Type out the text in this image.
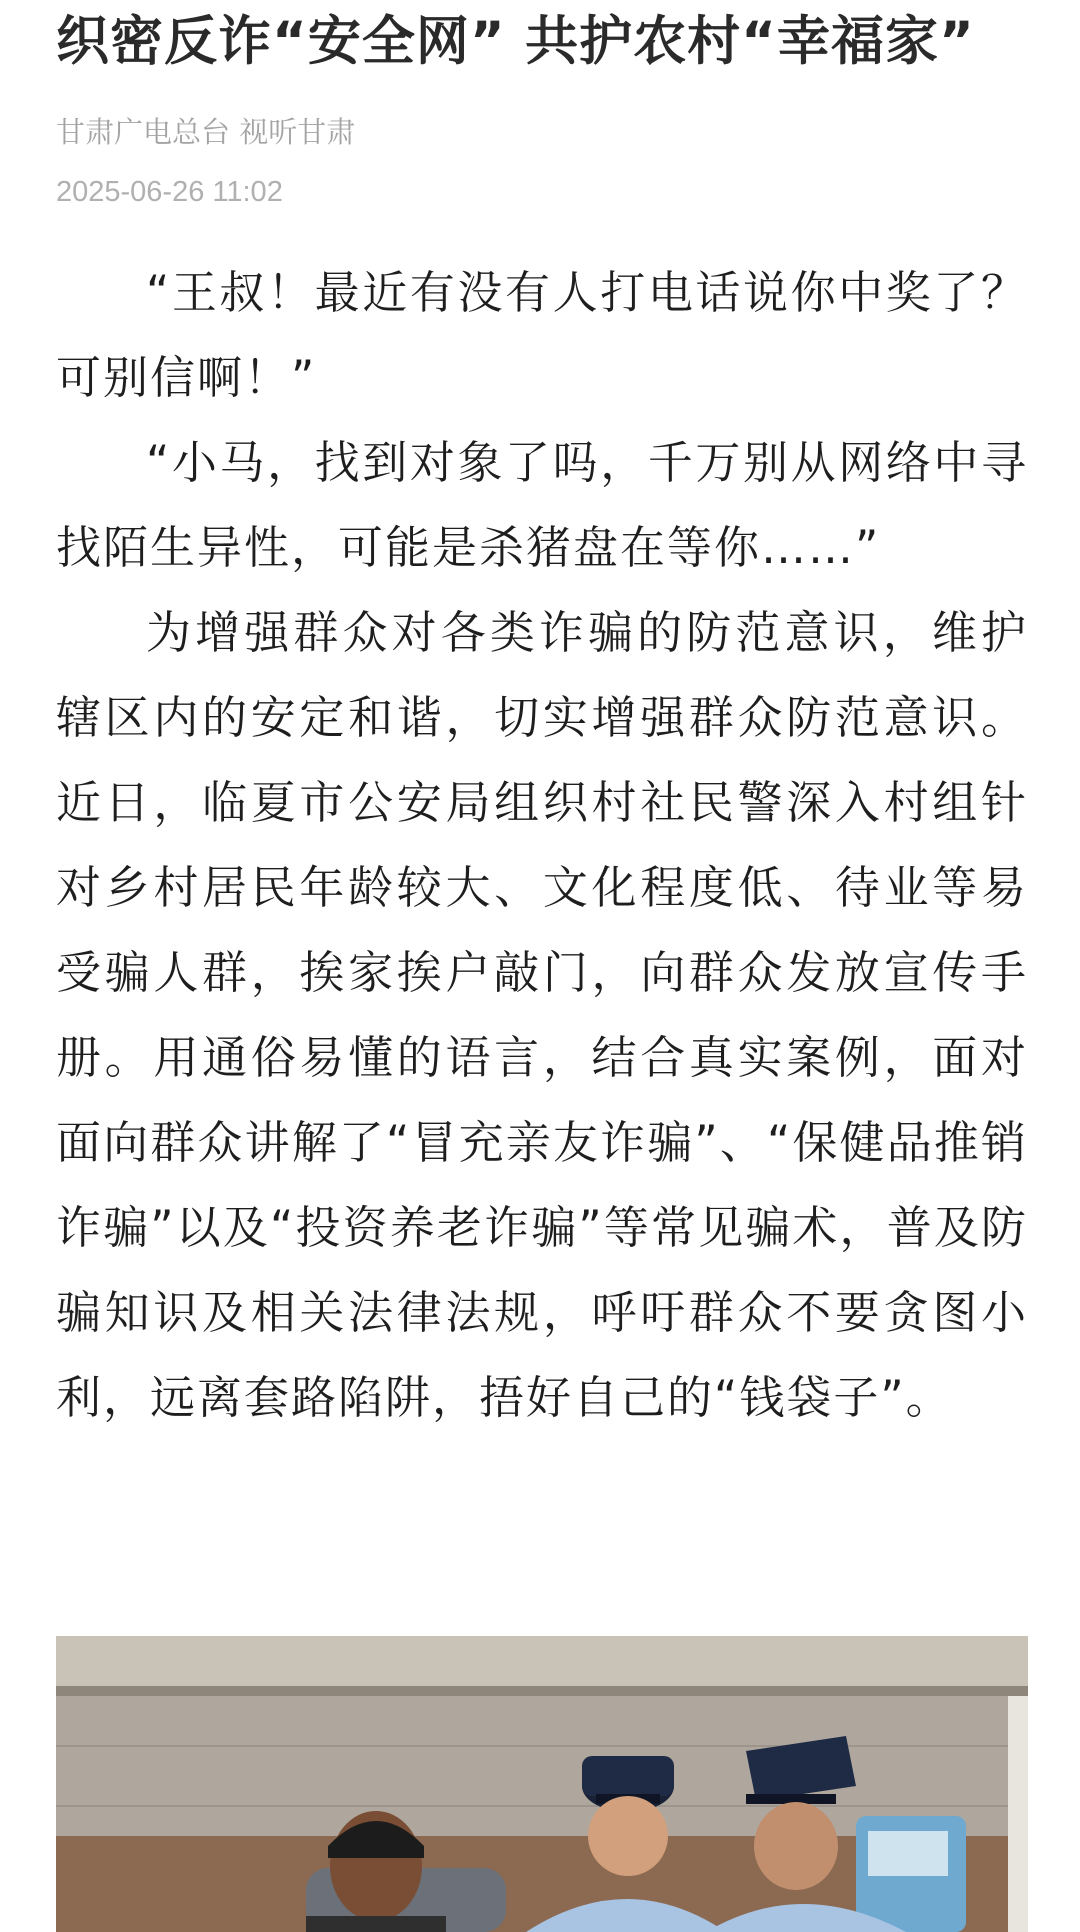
织密反诈“安全网” 共护农村“幸福家”
甘肃广电总台 视听甘肃
2025-06-26 11:02

“王叔！最近有没有人打电话说你中奖了？可别信啊！”

“小马，找到对象了吗，千万别从网络中寻找陌生异性，可能是杀猪盘在等你……”

为增强群众对各类诈骗的防范意识，维护辖区内的安定和谐，切实增强群众防范意识。近日，临夏市公安局组织村社民警深入村组针对乡村居民年龄较大、文化程度低、待业等易受骗人群，挨家挨户敲门，向群众发放宣传手册。用通俗易懂的语言，结合真实案例，面对面向群众讲解了“冒充亲友诈骗”、“保健品推销诈骗”以及“投资养老诈骗”等常见骗术，普及防骗知识及相关法律法规，呼吁群众不要贪图小利，远离套路陷阱，捂好自己的“钱袋子”。
